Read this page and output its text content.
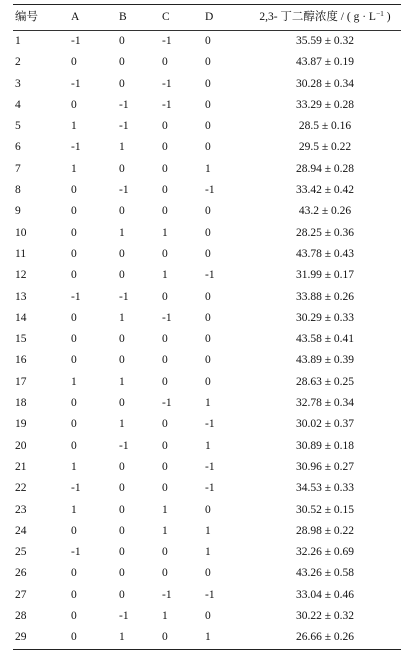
编号	A	B	C	D	2,3- 丁二醇浓度 / ( $g \cdot L^{-1}$ )
1	-1	0	-1	0	35.59 ± 0.32
2	0	0	0	0	43.87 ± 0.19
3	-1	0	-1	0	30.28 ± 0.34
4	0	-1	-1	0	33.29 ± 0.28
5	1	-1	0	0	28.5 ± 0.16
6	-1	1	0	0	29.5 ± 0.22
7	1	0	0	1	28.94 ± 0.28
8	0	-1	0	-1	33.42 ± 0.42
9	0	0	0	0	43.2 ± 0.26
10	0	1	1	0	28.25 ± 0.36
11	0	0	0	0	43.78 ± 0.43
12	0	0	1	-1	31.99 ± 0.17
13	-1	-1	0	0	33.88 ± 0.26
14	0	1	-1	0	30.29 ± 0.33
15	0	0	0	0	43.58 ± 0.41
16	0	0	0	0	43.89 ± 0.39
17	1	1	0	0	28.63 ± 0.25
18	0	0	-1	1	32.78 ± 0.34
19	0	1	0	-1	30.02 ± 0.37
20	0	-1	0	1	30.89 ± 0.18
21	1	0	0	-1	30.96 ± 0.27
22	-1	0	0	-1	34.53 ± 0.33
23	1	0	1	0	30.52 ± 0.15
24	0	0	1	1	28.98 ± 0.22
25	-1	0	0	1	32.26 ± 0.69
26	0	0	0	0	43.26 ± 0.58
27	0	0	-1	-1	33.04 ± 0.46
28	0	-1	1	0	30.22 ± 0.32
29	0	1	0	1	26.66 ± 0.26
